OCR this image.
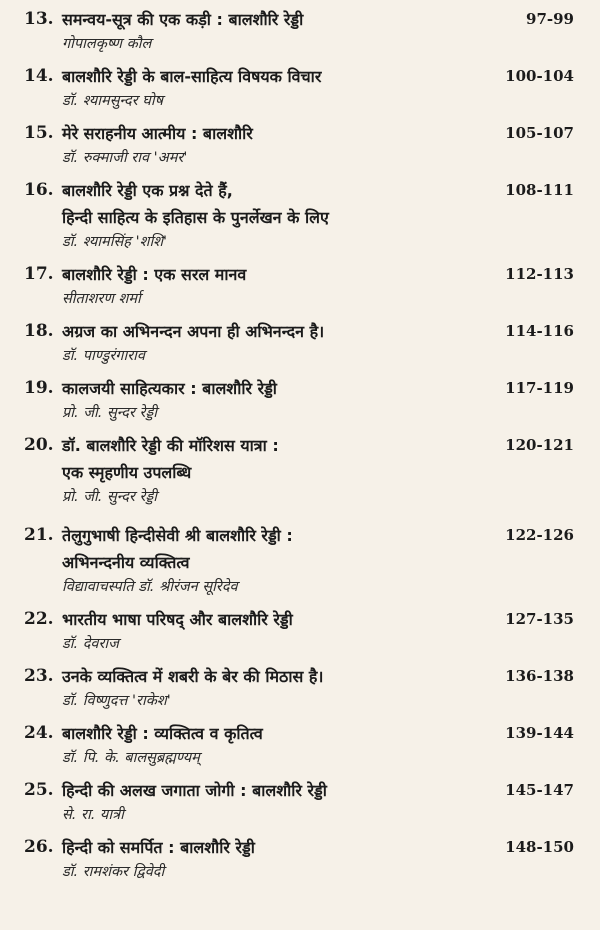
13. समन्वय-सूत्र की एक कड़ी : बालशौरि रेड्डी	97-99
गोपालकृष्ण कौल
14. बालशौरि रेड्डी के बाल-साहित्य विषयक विचार	100-104
डॉ. श्यामसुन्दर घोष
15. मेरे सराहनीय आत्मीय : बालशौरि	105-107
डॉ. रुक्माजी राव 'अमर'
16. बालशौरि रेड्डी एक प्रश्न देते हैं,
हिन्दी साहित्य के इतिहास के पुनर्लेखन के लिए
108-111
डॉ. श्यामसिंह 'शशि'
17. बालशौरि रेड्डी : एक सरल मानव	112-113
सीताशरण शर्मा
18. अग्रज का अभिनन्दन अपना ही अभिनन्दन है।	114-116
डॉ. पाण्डुरंगाराव
19. कालजयी साहित्यकार : बालशौरि रेड्डी	117-119
प्रो. जी. सुन्दर रेड्डी
20. डॉ. बालशौरि रेड्डी की मॉरिशस यात्रा :
एक स्मृहणीय उपलब्धि
120-121
प्रो. जी. सुन्दर रेड्डी
21. तेलुगुभाषी हिन्दीसेवी श्री बालशौरि रेड्डी :
अभिनन्दनीय व्यक्तित्व
122-126
विद्यावाचस्पति डॉ. श्रीरंजन सूरिदेव
22. भारतीय भाषा परिषद् और बालशौरि रेड्डी	127-135
डॉ. देवराज
23. उनके व्यक्तित्व में शबरी के बेर की मिठास है।	136-138
डॉ. विष्णुदत्त 'राकेश'
24. बालशौरि रेड्डी : व्यक्तित्व व कृतित्व	139-144
डॉ. पि. के. बालसुब्रह्मण्यम्
25. हिन्दी की अलख जगाता जोगी : बालशौरि रेड्डी	145-147
से. रा. यात्री
26. हिन्दी को समर्पित : बालशौरि रेड्डी	148-150
डॉ. रामशंकर द्विवेदी
